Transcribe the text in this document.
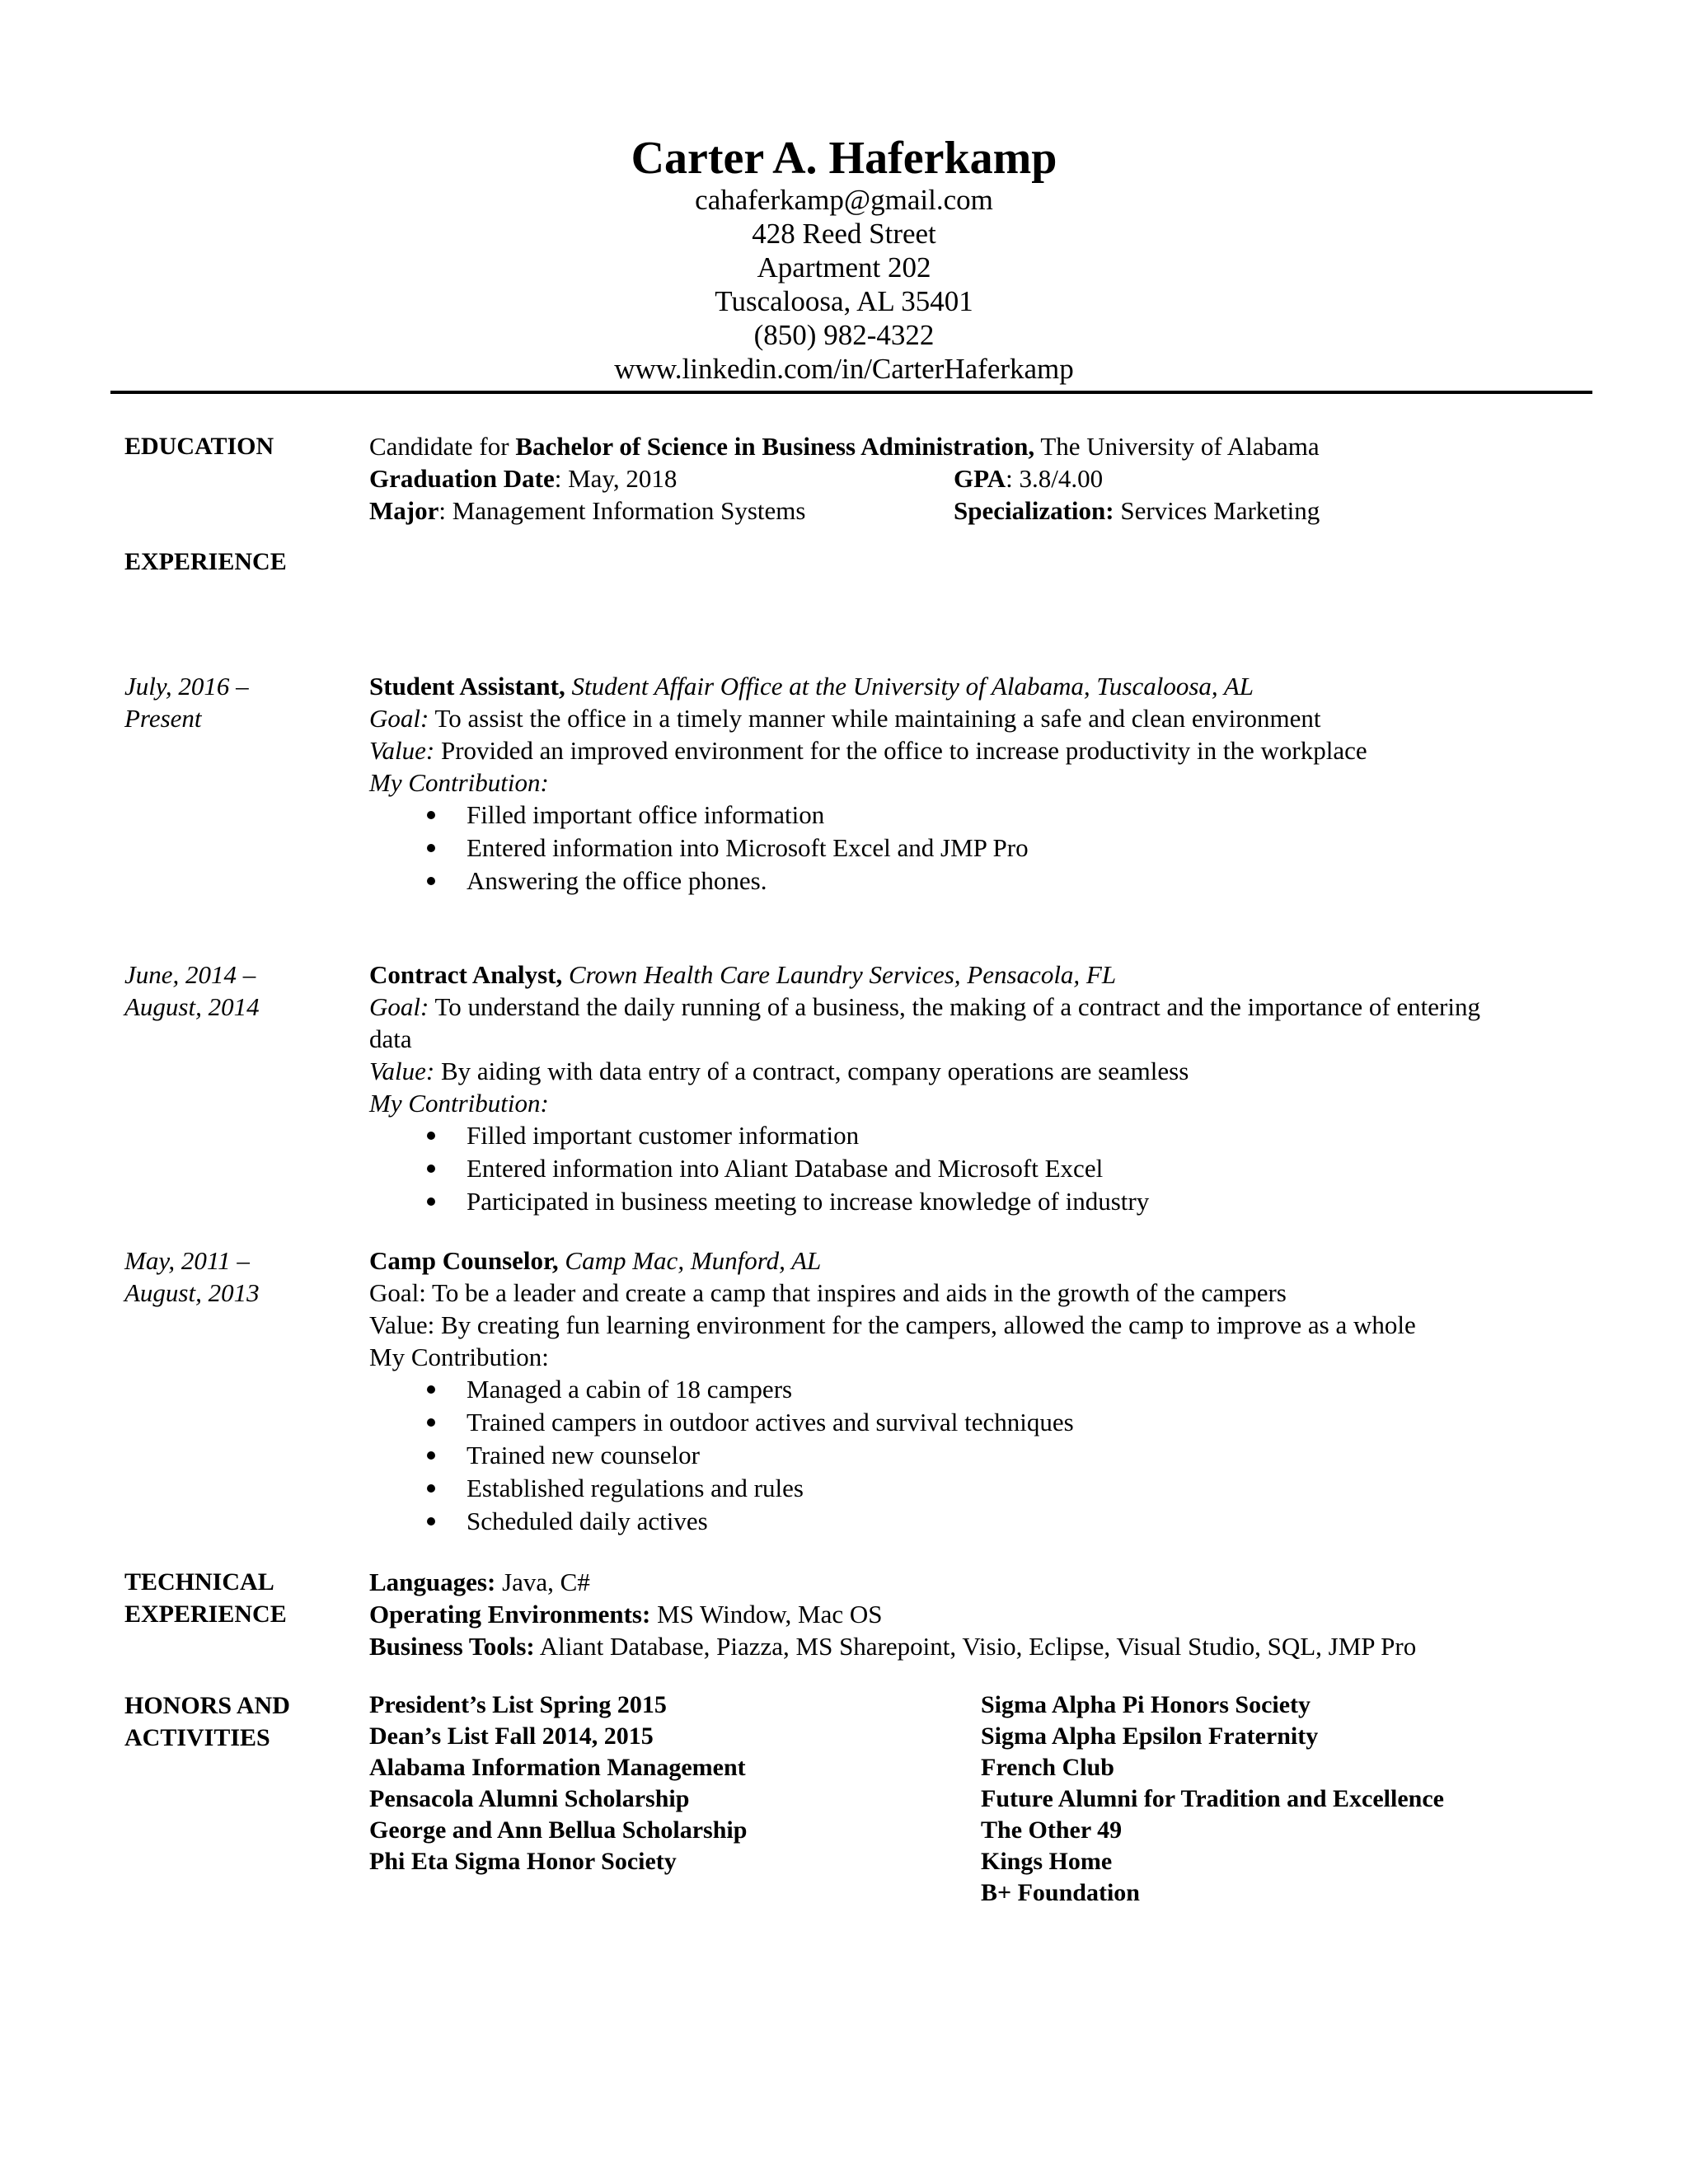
Carter A. Haferkamp
cahaferkamp@gmail.com
428 Reed Street
Apartment 202
Tuscaloosa, AL 35401
(850) 982-4322
www.linkedin.com/in/CarterHaferkamp
EDUCATION	Candidate for Bachelor of Science in Business Administration, The University of Alabama
Graduation Date: May, 2018	GPA: 3.8/4.00
Major: Management Information Systems	Specialization: Services Marketing
EXPERIENCE
July, 2016 –
Present
Student Assistant, Student Affair Office at the University of Alabama, Tuscaloosa, AL
Goal: To assist the office in a timely manner while maintaining a safe and clean environment
Value: Provided an improved environment for the office to increase productivity in the workplace
My Contribution:
Filled important office information
Entered information into Microsoft Excel and JMP Pro
Answering the office phones.
June, 2014 –
August, 2014
Contract Analyst, Crown Health Care Laundry Services, Pensacola, FL
Goal: To understand the daily running of a business, the making of a contract and the importance of entering
data
Value: By aiding with data entry of a contract, company operations are seamless
My Contribution:
Filled important customer information
Entered information into Aliant Database and Microsoft Excel
Participated in business meeting to increase knowledge of industry
May, 2011 –
August, 2013
Camp Counselor, Camp Mac, Munford, AL
Goal: To be a leader and create a camp that inspires and aids in the growth of the campers
Value: By creating fun learning environment for the campers, allowed the camp to improve as a whole
My Contribution:
Managed a cabin of 18 campers
Trained campers in outdoor actives and survival techniques
Trained new counselor
Established regulations and rules
Scheduled daily actives
TECHNICAL
EXPERIENCE
Languages: Java, C#
Operating Environments: MS Window, Mac OS
Business Tools: Aliant Database, Piazza, MS Sharepoint, Visio, Eclipse, Visual Studio, SQL, JMP Pro
HONORS AND
ACTIVITIES
President’s List Spring 2015
Dean’s List Fall 2014, 2015
Alabama Information Management
Pensacola Alumni Scholarship
George and Ann Bellua Scholarship
Phi Eta Sigma Honor Society
Sigma Alpha Pi Honors Society
Sigma Alpha Epsilon Fraternity
French Club
Future Alumni for Tradition and Excellence
The Other 49
Kings Home
B+ Foundation
